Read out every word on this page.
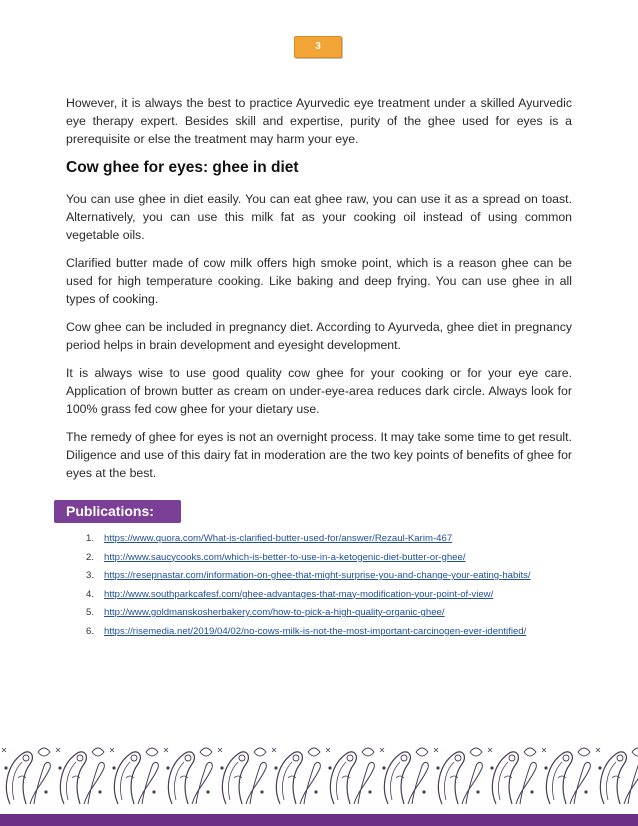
3

However, it is always the best to practice Ayurvedic eye treatment under a skilled Ayurvedic eye therapy expert. Besides skill and expertise, purity of the ghee used for eyes is a prerequisite or else the treatment may harm your eye.

Cow ghee for eyes: ghee in diet

You can use ghee in diet easily. You can eat ghee raw, you can use it as a spread on toast. Alternatively, you can use this milk fat as your cooking oil instead of using common vegetable oils.

Clarified butter made of cow milk offers high smoke point, which is a reason ghee can be used for high temperature cooking. Like baking and deep frying. You can use ghee in all types of cooking.

Cow ghee can be included in pregnancy diet. According to Ayurveda, ghee diet in pregnancy period helps in brain development and eyesight development.

It is always wise to use good quality cow ghee for your cooking or for your eye care. Application of brown butter as cream on under-eye-area reduces dark circle. Always look for 100% grass fed cow ghee for your dietary use.

The remedy of ghee for eyes is not an overnight process. It may take some time to get result. Diligence and use of this dairy fat in moderation are the two key points of benefits of ghee for eyes at the best.

Publications:
1. https://www.quora.com/What-is-clarified-butter-used-for/answer/Rezaul-Karim-467
2. http://www.saucycooks.com/which-is-better-to-use-in-a-ketogenic-diet-butter-or-ghee/
3. https://resepnastar.com/information-on-ghee-that-might-surprise-you-and-change-your-eating-habits/
4. http://www.southparkcafesf.com/ghee-advantages-that-may-modification-your-point-of-view/
5. http://www.goldmanskosherbakery.com/how-to-pick-a-high-quality-organic-ghee/
6. https://risemedia.net/2019/04/02/no-cows-milk-is-not-the-most-important-carcinogen-ever-identified/
